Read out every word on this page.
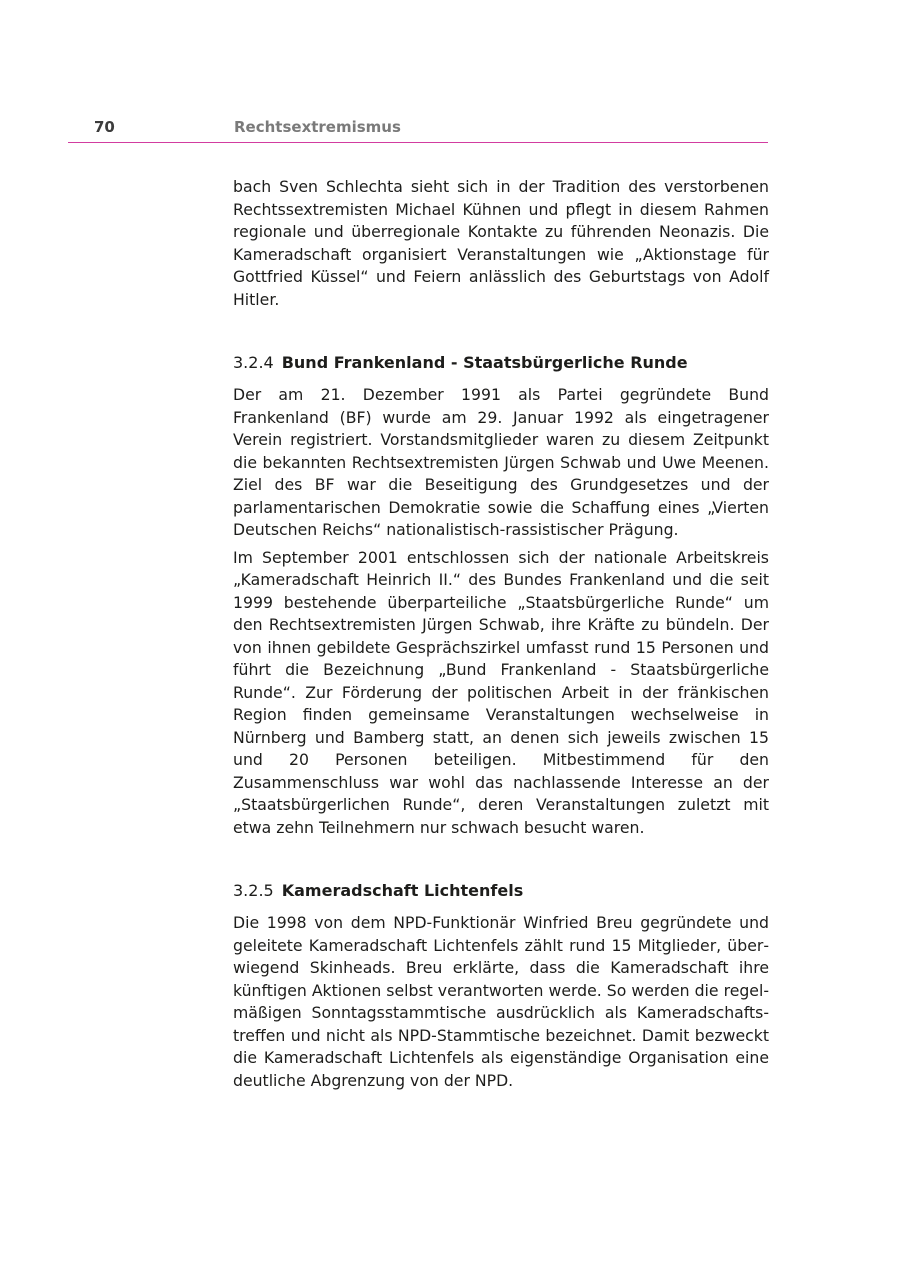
70	Rechtsextremismus

bach Sven Schlechta sieht sich in der Tradition des verstorbenen Rechtssextremisten Michael Kühnen und pflegt in diesem Rahmen regionale und überregionale Kontakte zu führenden Neonazis. Die Kameradschaft organisiert Veranstaltungen wie „Aktionstage für Gottfried Küssel“ und Feiern anlässlich des Geburtstags von Adolf Hitler.

3.2.4 Bund Frankenland - Staatsbürgerliche Runde

Der am 21. Dezember 1991 als Partei gegründete Bund Frankenland (BF) wurde am 29. Januar 1992 als eingetragener Verein registriert. Vorstandsmitglieder waren zu diesem Zeitpunkt die bekannten Rechtsextremisten Jürgen Schwab und Uwe Meenen. Ziel des BF war die Beseitigung des Grundgesetzes und der parlamentarischen Demokratie sowie die Schaffung eines „Vierten Deutschen Reichs“ nationalistisch-rassistischer Prägung.

Im September 2001 entschlossen sich der nationale Arbeitskreis „Kameradschaft Heinrich II.“ des Bundes Frankenland und die seit 1999 bestehende überparteiliche „Staatsbürgerliche Runde“ um den Rechtsextremisten Jürgen Schwab, ihre Kräfte zu bündeln. Der von ihnen gebildete Gesprächszirkel umfasst rund 15 Personen und führt die Bezeichnung „Bund Frankenland - Staatsbürgerliche Runde“. Zur Förderung der politischen Arbeit in der fränkischen Region finden gemeinsame Veranstaltungen wechselweise in Nürnberg und Bamberg statt, an denen sich jeweils zwischen 15 und 20 Personen beteiligen. Mitbestimmend für den Zusammenschluss war wohl das nachlassende Interesse an der „Staatsbürgerlichen Runde“, deren Veranstaltungen zuletzt mit etwa zehn Teilnehmern nur schwach besucht waren.

3.2.5 Kameradschaft Lichtenfels

Die 1998 von dem NPD-Funktionär Winfried Breu gegründete und geleitete Kameradschaft Lichtenfels zählt rund 15 Mitglieder, überwiegend Skinheads. Breu erklärte, dass die Kameradschaft ihre künftigen Aktionen selbst verantworten werde. So werden die regelmäßigen Sonntagsstammtische ausdrücklich als Kameradschaftstreffen und nicht als NPD-Stammtische bezeichnet. Damit bezweckt die Kameradschaft Lichtenfels als eigenständige Organisation eine deutliche Abgrenzung von der NPD.
